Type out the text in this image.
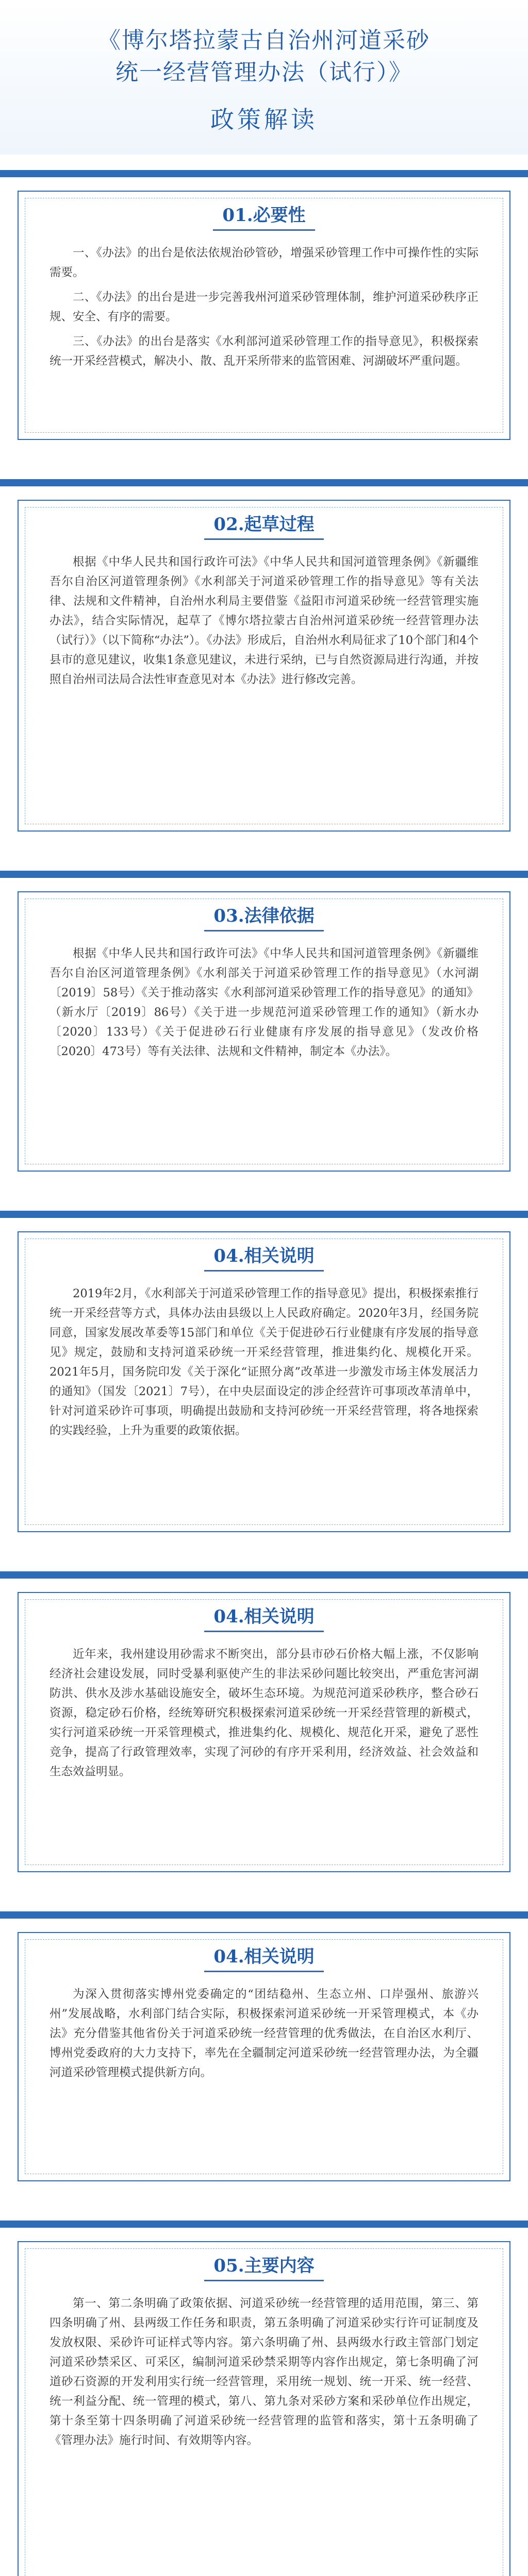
《博尔塔拉蒙古自治州河道采砂
统一经营管理办法（试行）》
政策解读
01.必要性

一、《办法》的出台是依法依规治砂管砂，增强采砂管理工作中可操作性的实际需要。

二、《办法》的出台是进一步完善我州河道采砂管理体制，维护河道采砂秩序正规、安全、有序的需要。

三、《办法》的出台是落实《水利部河道采砂管理工作的指导意见》，积极探索统一开采经营模式，解决小、散、乱开采所带来的监管困难、河湖破坏严重问题。

02.起草过程

根据《中华人民共和国行政许可法》《中华人民共和国河道管理条例》《新疆维吾尔自治区河道管理条例》《水利部关于河道采砂管理工作的指导意见》等有关法律、法规和文件精神，自治州水利局主要借鉴《益阳市河道采砂统一经营管理实施办法》，结合实际情况，起草了《博尔塔拉蒙古自治州河道采砂统一经营管理办法（试行）》（以下简称“办法”）。《办法》形成后，自治州水利局征求了10个部门和4个县市的意见建议，收集1条意见建议，未进行采纳，已与自然资源局进行沟通，并按照自治州司法局合法性审查意见对本《办法》进行修改完善。

03.法律依据

根据《中华人民共和国行政许可法》《中华人民共和国河道管理条例》《新疆维吾尔自治区河道管理条例》《水利部关于河道采砂管理工作的指导意见》（水河湖〔2019〕58号）《关于推动落实《水利部河道采砂管理工作的指导意见》的通知》（新水厅〔2019〕86号）《关于进一步规范河道采砂管理工作的通知》（新水办〔2020〕133号）《关于促进砂石行业健康有序发展的指导意见》（发改价格〔2020〕473号）等有关法律、法规和文件精神，制定本《办法》。

04.相关说明

2019年2月，《水利部关于河道采砂管理工作的指导意见》提出，积极探索推行统一开采经营等方式，具体办法由县级以上人民政府确定。2020年3月，经国务院同意，国家发展改革委等15部门和单位《关于促进砂石行业健康有序发展的指导意见》规定，鼓励和支持河道采砂统一开采经营管理，推进集约化、规模化开采。2021年5月，国务院印发《关于深化“证照分离”改革进一步激发市场主体发展活力的通知》（国发〔2021〕7号），在中央层面设定的涉企经营许可事项改革清单中，针对河道采砂许可事项，明确提出鼓励和支持河砂统一开采经营管理，将各地探索的实践经验，上升为重要的政策依据。

04.相关说明

近年来，我州建设用砂需求不断突出，部分县市砂石价格大幅上涨，不仅影响经济社会建设发展，同时受暴利驱使产生的非法采砂问题比较突出，严重危害河湖防洪、供水及涉水基础设施安全，破坏生态环境。为规范河道采砂秩序，整合砂石资源，稳定砂石价格，经统筹研究积极探索河道采砂统一开采经营管理的新模式，实行河道采砂统一开采管理模式，推进集约化、规模化、规范化开采，避免了恶性竞争，提高了行政管理效率，实现了河砂的有序开采利用，经济效益、社会效益和生态效益明显。

04.相关说明

为深入贯彻落实博州党委确定的“团结稳州、生态立州、口岸强州、旅游兴州”发展战略，水利部门结合实际，积极探索河道采砂统一开采管理模式，本《办法》充分借鉴其他省份关于河道采砂统一经营管理的优秀做法，在自治区水利厅、博州党委政府的大力支持下，率先在全疆制定河道采砂统一经营管理办法，为全疆河道采砂管理模式提供新方向。

05.主要内容

第一、第二条明确了政策依据、河道采砂统一经营管理的适用范围，第三、第四条明确了州、县两级工作任务和职责，第五条明确了河道采砂实行许可证制度及发放权限、采砂许可证样式等内容。第六条明确了州、县两级水行政主管部门划定河道采砂禁采区、可采区，编制河道采砂禁采期等内容作出规定，第七条明确了河道砂石资源的开发利用实行统一经营管理，采用统一规划、统一开采、统一经营、统一利益分配、统一管理的模式，第八、第九条对采砂方案和采砂单位作出规定，第十条至第十四条明确了河道采砂统一经营管理的监管和落实，第十五条明确了《管理办法》施行时间、有效期等内容。
